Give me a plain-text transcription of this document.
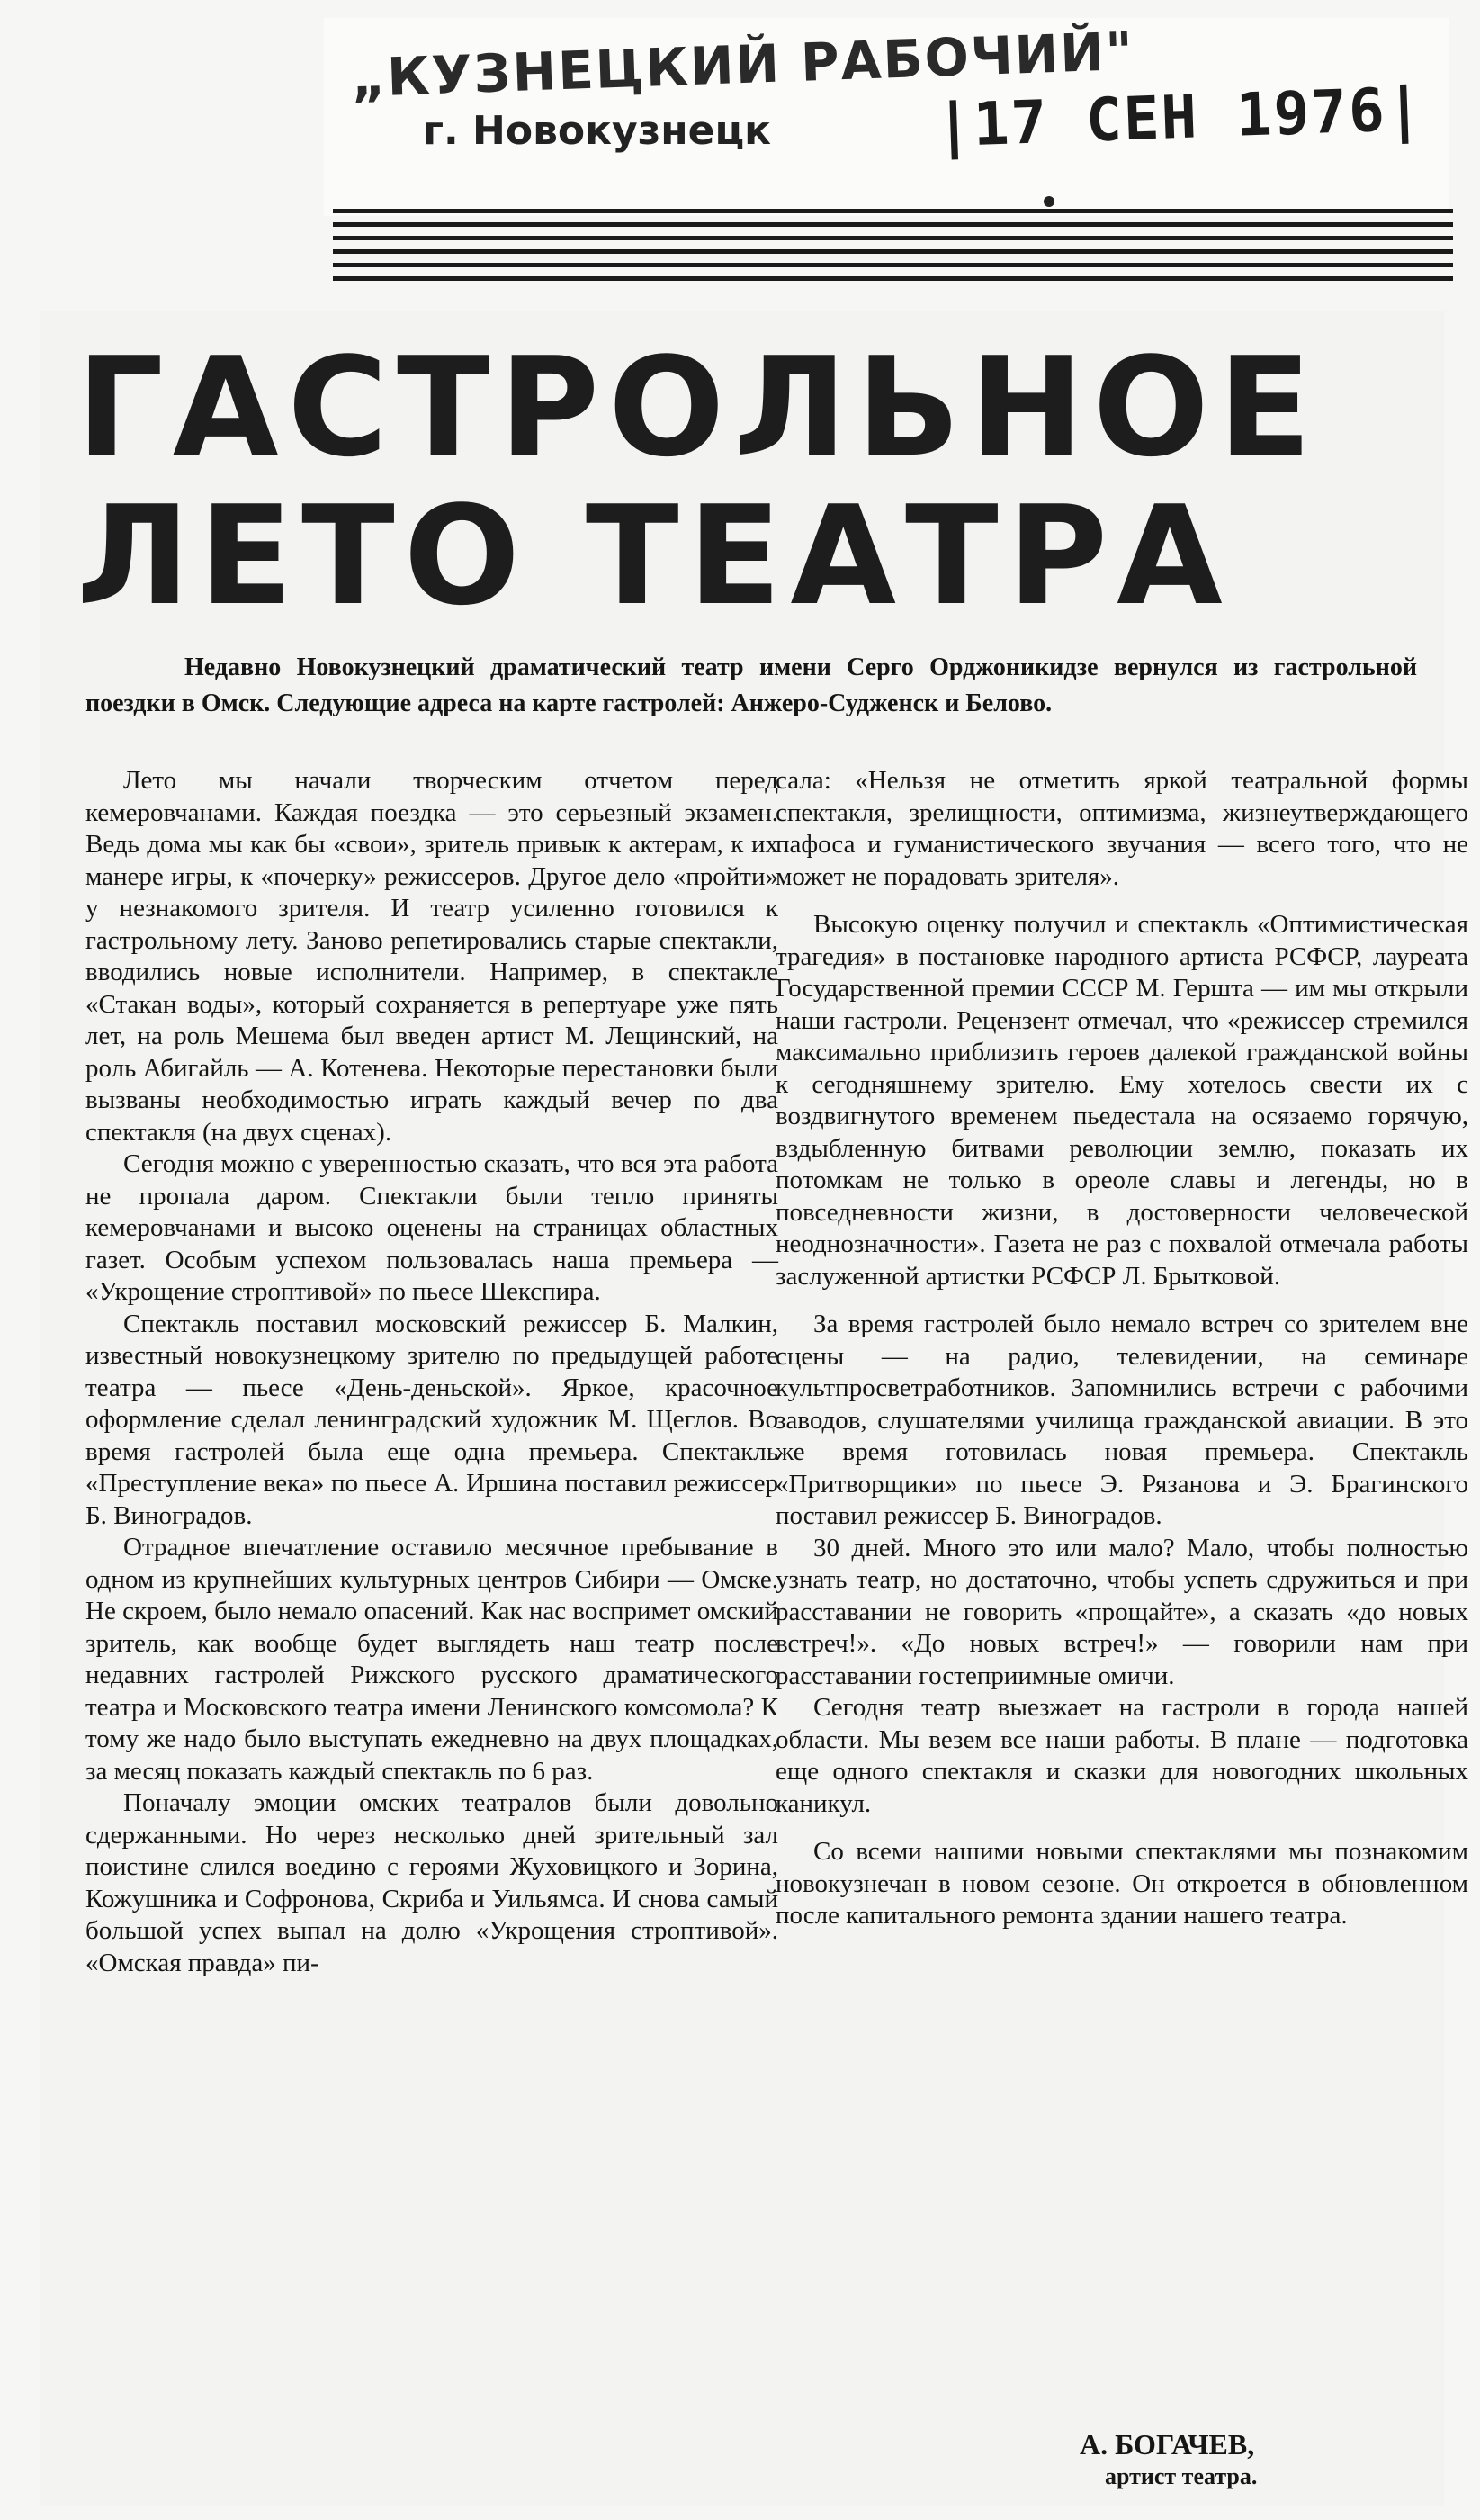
„КУЗНЕЦКИЙ РАБОЧИЙ"
г. Новокузнецк	|17 СЕН 1976|
ГАСТРОЛЬНОЕ
ЛЕТО ТЕАТРА

Недавно Новокузнецкий драматический театр имени Серго Орджоникидзе вернулся из гастрольной поездки в Омск. Следующие адреса на карте гастролей: Анжеро-Судженск и Белово.

Лето мы начали творческим отчетом перед кемеровчанами. Каждая поездка — это серьезный экзамен. Ведь дома мы как бы «свои», зритель привык к актерам, к их манере игры, к «почерку» режиссеров. Другое дело «пройти» у незнакомого зрителя. И театр усиленно готовился к гастрольному лету. Заново репетировались старые спектакли, вводились новые исполнители. Например, в спектакле «Стакан воды», который сохраняется в репертуаре уже пять лет, на роль Мешема был введен артист М. Лещинский, на роль Абигайль — А. Котенева. Некоторые перестановки были вызваны необходимостью играть каждый вечер по два спектакля (на двух сценах).

Сегодня можно с уверенностью сказать, что вся эта работа не пропала даром. Спектакли были тепло приняты кемеровчанами и высоко оценены на страницах областных газет. Особым успехом пользовалась наша премьера — «Укрощение строптивой» по пьесе Шекспира.

Спектакль поставил московский режиссер Б. Малкин, известный новокузнецкому зрителю по предыдущей работе театра — пьесе «День-деньской». Яркое, красочное оформление сделал ленинградский художник М. Щеглов. Во время гастролей была еще одна премьера. Спектакль «Преступление века» по пьесе А. Иршина поставил режиссер Б. Виноградов.

Отрадное впечатление оставило месячное пребывание в одном из крупнейших культурных центров Сибири — Омске. Не скроем, было немало опасений. Как нас воспримет омский зритель, как вообще будет выглядеть наш театр после недавних гастролей Рижского русского драматического театра и Московского театра имени Ленинского комсомола? К тому же надо было выступать ежедневно на двух площадках, за месяц показать каждый спектакль по 6 раз.

Поначалу эмоции омских театралов были довольно сдержанными. Но через несколько дней зрительный зал поистине слился воедино с героями Жуховицкого и Зорина, Кожушника и Софронова, Скриба и Уильямса. И снова самый большой успех выпал на долю «Укрощения строптивой». «Омская правда» пи-

сала: «Нельзя не отметить яркой театральной формы спектакля, зрелищности, оптимизма, жизнеутверждающего пафоса и гуманистического звучания — всего того, что не может не порадовать зрителя».

Высокую оценку получил и спектакль «Оптимистическая трагедия» в постановке народного артиста РСФСР, лауреата Государственной премии СССР М. Гершта — им мы открыли наши гастроли. Рецензент отмечал, что «режиссер стремился максимально приблизить героев далекой гражданской войны к сегодняшнему зрителю. Ему хотелось свести их с воздвигнутого временем пьедестала на осязаемо горячую, вздыбленную битвами революции землю, показать их потомкам не только в ореоле славы и легенды, но в повседневности жизни, в достоверности человеческой неоднозначности». Газета не раз с похвалой отмечала работы заслуженной артистки РСФСР Л. Брытковой.

За время гастролей было немало встреч со зрителем вне сцены — на радио, телевидении, на семинаре культпросветработников. Запомнились встречи с рабочими заводов, слушателями училища гражданской авиации. В это же время готовилась новая премьера. Спектакль «Притворщики» по пьесе Э. Рязанова и Э. Брагинского поставил режиссер Б. Виноградов.

30 дней. Много это или мало? Мало, чтобы полностью узнать театр, но достаточно, чтобы успеть сдружиться и при расставании не говорить «прощайте», а сказать «до новых встреч!». «До новых встреч!» — говорили нам при расставании гостеприимные омичи.

Сегодня театр выезжает на гастроли в города нашей области. Мы везем все наши работы. В плане — подготовка еще одного спектакля и сказки для новогодних школьных каникул.

Со всеми нашими новыми спектаклями мы познакомим новокузнечан в новом сезоне. Он откроется в обновленном после капитального ремонта здании нашего театра.

А. БОГАЧЕВ,
артист театра.
